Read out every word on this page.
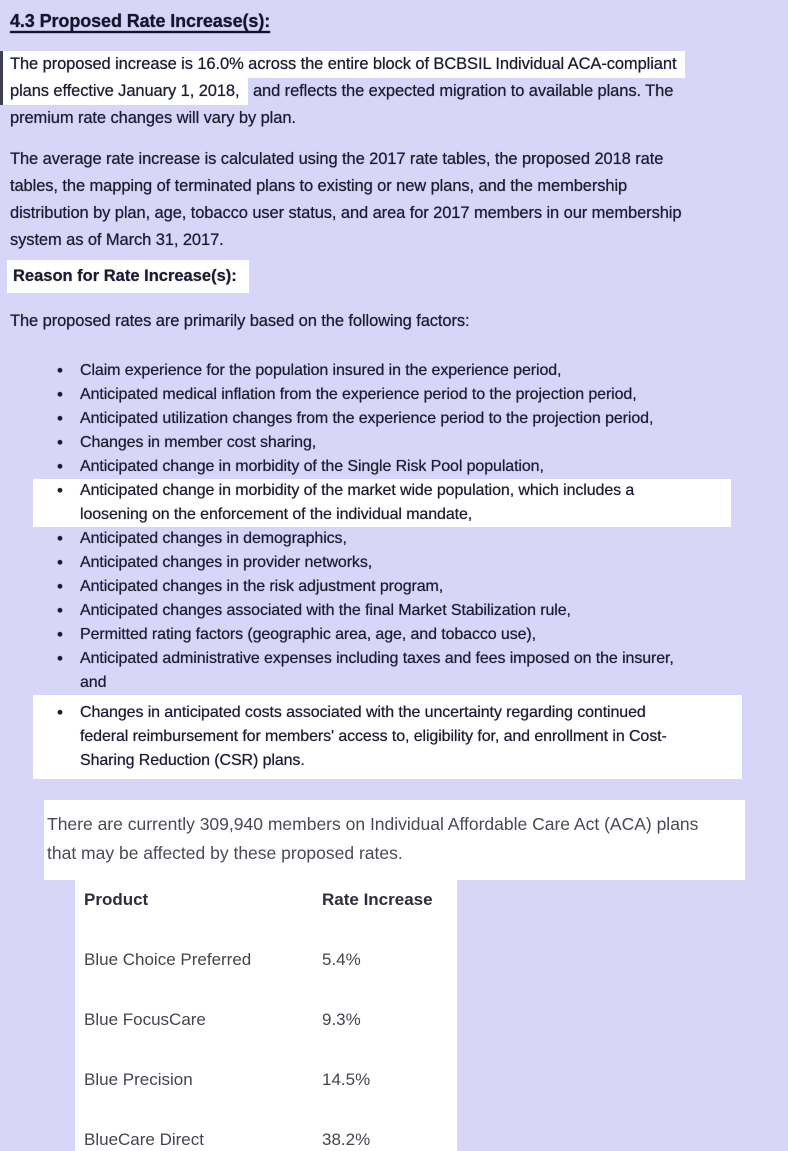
4.3 Proposed Rate Increase(s):
The proposed increase is 16.0% across the entire block of BCBSIL Individual ACA-compliant
plans effective January 1, 2018, and reflects the expected migration to available plans. The
premium rate changes will vary by plan.
The average rate increase is calculated using the 2017 rate tables, the proposed 2018 rate
tables, the mapping of terminated plans to existing or new plans, and the membership
distribution by plan, age, tobacco user status, and area for 2017 members in our membership
system as of March 31, 2017.
Reason for Rate Increase(s):
The proposed rates are primarily based on the following factors:
• Claim experience for the population insured in the experience period,
• Anticipated medical inflation from the experience period to the projection period,
• Anticipated utilization changes from the experience period to the projection period,
• Changes in member cost sharing,
• Anticipated change in morbidity of the Single Risk Pool population,
• Anticipated change in morbidity of the market wide population, which includes a
loosening on the enforcement of the individual mandate,
• Anticipated changes in demographics,
• Anticipated changes in provider networks,
• Anticipated changes in the risk adjustment program,
• Anticipated changes associated with the final Market Stabilization rule,
• Permitted rating factors (geographic area, age, and tobacco use),
• Anticipated administrative expenses including taxes and fees imposed on the insurer,
and
• Changes in anticipated costs associated with the uncertainty regarding continued
federal reimbursement for members' access to, eligibility for, and enrollment in Cost-
Sharing Reduction (CSR) plans.
There are currently 309,940 members on Individual Affordable Care Act (ACA) plans
that may be affected by these proposed rates.
Product	Rate Increase
Blue Choice Preferred	5.4%
Blue FocusCare	9.3%
Blue Precision	14.5%
BlueCare Direct	38.2%
